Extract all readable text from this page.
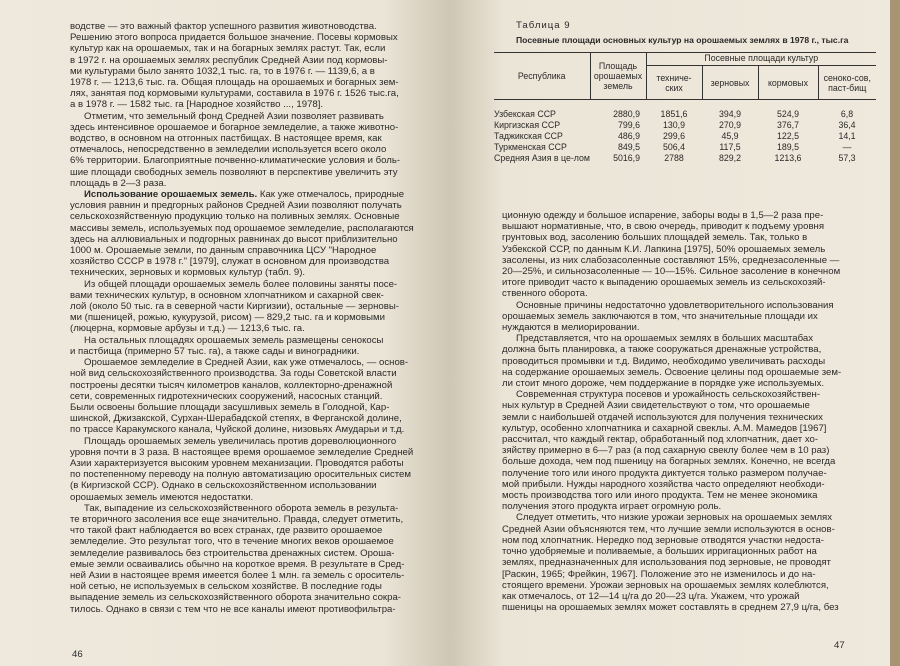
водстве — это важный фактор успешного развития животноводства.
Решению этого вопроса придается большое значение. Посевы кормовых
культур как на орошаемых, так и на богарных землях растут. Так, если
в 1972 г. на орошаемых землях республик Средней Азии под кормовы-
ми культурами было занято 1032,1 тыс. га, то в 1976 г. — 1139,6, а в
1978 г. — 1213,6 тыс. га. Общая площадь на орошаемых и богарных зем-
лях, занятая под кормовыми культурами, составила в 1976 г. 1526 тыс.га,
а в 1978 г. — 1582 тыс. га [Народное хозяйство ..., 1978].
Отметим, что земельный фонд Средней Азии позволяет развивать
здесь интенсивное орошаемое и богарное земледелие, а также животно-
водство, в основном на отгонных пастбищах. В настоящее время, как
отмечалось, непосредственно в земледелии используется всего около
6% территории. Благоприятные почвенно-климатические условия и боль-
шие площади свободных земель позволяют в перспективе увеличить эту
площадь в 2—3 раза.
Использование орошаемых земель. Как уже отмечалось, природные
условия равнин и предгорных районов Средней Азии позволяют получать
сельскохозяйственную продукцию только на поливных землях. Основные
массивы земель, используемых под орошаемое земледелие, располагаются
здесь на аллювиальных и подгорных равнинах до высот приблизительно
1000 м. Орошаемые земли, по данным справочника ЦСУ "Народное
хозяйство СССР в 1978 г." [1979], служат в основном для производства
технических, зерновых и кормовых культур (табл. 9).
Из общей площади орошаемых земель более половины заняты посе-
вами технических культур, в основном хлопчатником и сахарной свек-
лой (около 50 тыс. га в северной части Киргизии), остальные — зерновы-
ми (пшеницей, рожью, кукурузой, рисом) — 829,2 тыс. га и кормовыми
(люцерна, кормовые арбузы и т.д.) — 1213,6 тыс. га.
На остальных площадях орошаемых земель размещены сенокосы
и пастбища (примерно 57 тыс. га), а также сады и виноградники.
Орошаемое земледелие в Средней Азии, как уже отмечалось, — основ-
ной вид сельскохозяйственного производства. За годы Советской власти
построены десятки тысяч километров каналов, коллекторно-дренажной
сети, современных гидротехнических сооружений, насосных станций.
Были освоены большие площади засушливых земель в Голодной, Кар-
шинской, Джизакской, Сурхан-Шерабадской степях, в Ферганской долине,
по трассе Каракумского канала, Чуйской долине, низовьях Амударьи и т.д.
Площадь орошаемых земель увеличилась против дореволюционного
уровня почти в 3 раза. В настоящее время орошаемое земледелие Средней
Азии характеризуется высоким уровнем механизации. Проводятся работы
по постепенному переводу на полную автоматизацию оросительных систем
(в Киргизской ССР). Однако в сельскохозяйственном использовании
орошаемых земель имеются недостатки.
Так, выпадение из сельскохозяйственного оборота земель в результа-
те вторичного засоления все еще значительно. Правда, следует отметить,
что такой факт наблюдается во всех странах, где развито орошаемое
земледелие. Это результат того, что в течение многих веков орошаемое
земледелие развивалось без строительства дренажных систем. Ороша-
емые земли осваивались обычно на короткое время. В результате в Сред-
ней Азии в настоящее время имеется более 1 млн. га земель с ороситель-
ной сетью, не используемых в сельском хозяйстве. В последние годы
выпадение земель из сельскохозяйственного оборота значительно сокра-
тилось. Однако в связи с тем что не все каналы имеют противофильтра-
46
Таблица 9
Посевные площади основных культур на орошаемых землях в 1978 г., тыс.га
Республика	Площадь орошаемых земель	Посевные площади культур			
		техниче-ских	зерновых	кормовых	сеноко-сов, паст-бищ
Узбекская ССР	2880,9	1851,6	394,9	524,9	6,8
Киргизская ССР	799,6	130,9	270,9	376,7	36,4
Таджикская ССР	486,9	299,6	45,9	122,5	14,1
Туркменская ССР	849,5	506,4	117,5	189,5	—
Средняя Азия в це-лом	5016,9	2788	829,2	1213,6	57,3
ционную одежду и большое испарение, заборы воды в 1,5—2 раза пре-
вышают нормативные, что, в свою очередь, приводит к подъему уровня
грунтовых вод, засолению больших площадей земель. Так, только в
Узбекской ССР, по данным К.И. Лапкина [1975], 50% орошаемых земель
засолены, из них слабозасоленные составляют 15%, среднезасоленные —
20—25%, и сильнозасоленные — 10—15%. Сильное засоление в конечном
итоге приводит часто к выпадению орошаемых земель из сельскохозяй-
ственного оборота.
Основные причины недостаточно удовлетворительного использования
орошаемых земель заключаются в том, что значительные площади их
нуждаются в мелиорировании.
Представляется, что на орошаемых землях в больших масштабах
должна быть планировка, а также сооружаться дренажные устройства,
проводиться промывки и т.д. Видимо, необходимо увеличивать расходы
на содержание орошаемых земель. Освоение целины под орошаемые зем-
ли стоит много дороже, чем поддержание в порядке уже используемых.
Современная структура посевов и урожайность сельскохозяйствен-
ных культур в Средней Азии свидетельствуют о том, что орошаемые
земли с наибольшей отдачей используются для получения технических
культур, особенно хлопчатника и сахарной свеклы. А.М. Мамедов [1967]
рассчитал, что каждый гектар, обработанный под хлопчатник, дает хо-
зяйству примерно в 6—7 раз (а под сахарную свеклу более чем в 10 раз)
больше дохода, чем под пшеницу на богарных землях. Конечно, не всегда
получение того или иного продукта диктуется только размером получае-
мой прибыли. Нужды народного хозяйства часто определяют необходи-
мость производства того или иного продукта. Тем не менее экономика
получения этого продукта играет огромную роль.
Следует отметить, что низкие урожаи зерновых на орошаемых землях
Средней Азии объясняются тем, что лучшие земли используются в основ-
ном под хлопчатник. Нередко под зерновые отводятся участки недоста-
точно удобряемые и поливаемые, а больших ирригационных работ на
землях, предназначенных для использования под зерновые, не проводят
[Раскин, 1965; Фрейкин, 1967]. Положение это не изменилось и до на-
стоящего времени. Урожаи зерновых на орошаемых землях колеблются,
как отмечалось, от 12—14 ц/га до 20—23 ц/га. Укажем, что урожай
пшеницы на орошаемых землях может составлять в среднем 27,9 ц/га, без
47
